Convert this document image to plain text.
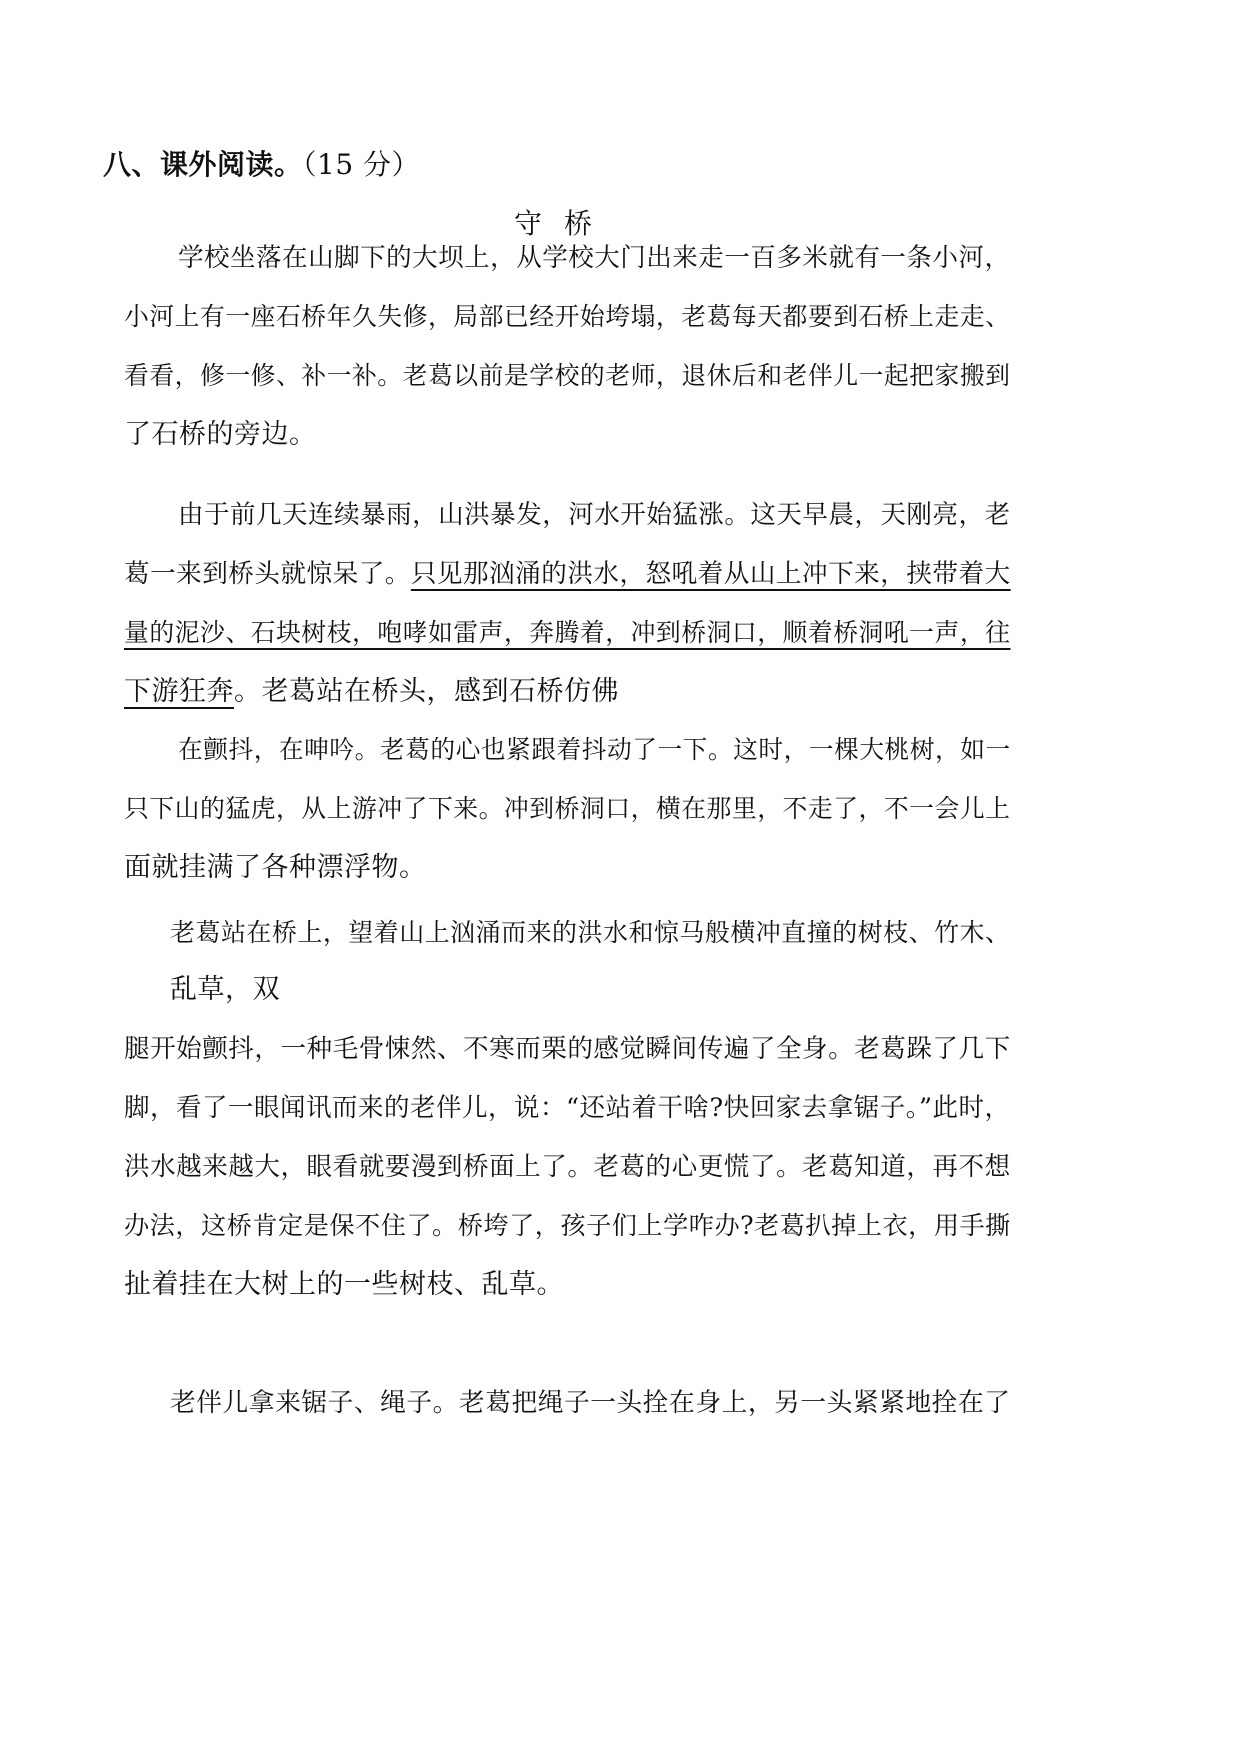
八、课外阅读。（15 分）
守桥
学校坐落在山脚下的大坝上，从学校大门出来走一百多米就有一条小河，
小河上有一座石桥年久失修，局部已经开始垮塌，老葛每天都要到石桥上走走、
看看，修一修、补一补。老葛以前是学校的老师，退休后和老伴儿一起把家搬到
了石桥的旁边。
由于前几天连续暴雨，山洪暴发，河水开始猛涨。这天早晨，天刚亮，老
葛一来到桥头就惊呆了。只见那汹涌的洪水，怒吼着从山上冲下来，挟带着大
量的泥沙、石块树枝，咆哮如雷声，奔腾着，冲到桥洞口，顺着桥洞吼一声，往
下游狂奔。老葛站在桥头，感到石桥仿佛
在颤抖，在呻吟。老葛的心也紧跟着抖动了一下。这时，一棵大桃树，如一
只下山的猛虎，从上游冲了下来。冲到桥洞口，横在那里，不走了，不一会儿上
面就挂满了各种漂浮物。
老葛站在桥上，望着山上汹涌而来的洪水和惊马般横冲直撞的树枝、竹木、
乱草，双
腿开始颤抖，一种毛骨悚然、不寒而栗的感觉瞬间传遍了全身。老葛跺了几下
脚，看了一眼闻讯而来的老伴儿，说：“还站着干啥?快回家去拿锯子。”此时，
洪水越来越大，眼看就要漫到桥面上了。老葛的心更慌了。老葛知道，再不想
办法，这桥肯定是保不住了。桥垮了，孩子们上学咋办?老葛扒掉上衣，用手撕
扯着挂在大树上的一些树枝、乱草。
老伴儿拿来锯子、绳子。老葛把绳子一头拴在身上，另一头紧紧地拴在了
